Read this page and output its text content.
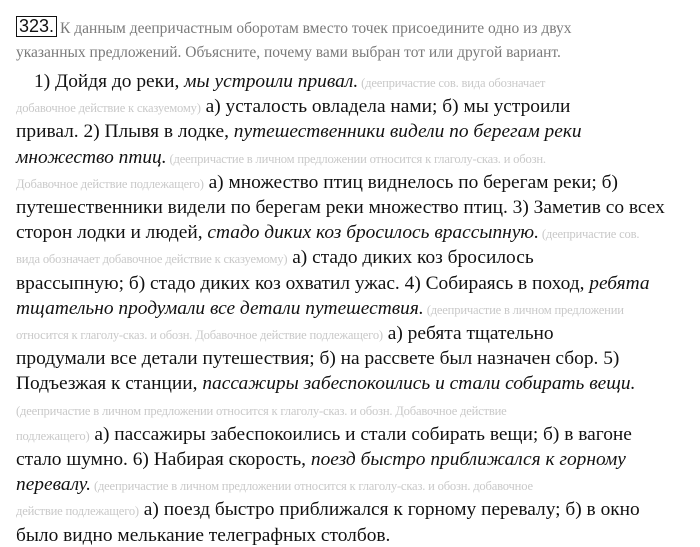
323. К данным деепричастным оборотам вместо точек присоедините одно из двух
указанных предложений. Объясните, почему вами выбран тот или другой вариант.
1) Дойдя до реки, мы устроили привал. (деепричастие сов. вида обозначает
добавочное действие к сказуемому) а) усталость овладела нами; б) мы устроили
привал. 2) Плывя в лодке, путешественники видели по берегам реки
множество птиц. (деепричастие в личном предложении относится к глаголу-сказ. и обозн.
Добавочное действие подлежащего) а) множество птиц виднелось по берегам реки; б)
путешественники видели по берегам реки множество птиц. 3) Заметив со всех
сторон лодки и людей, стадо диких коз бросилось врассыпную. (деепричастие сов.
вида обозначает добавочное действие к сказуемому) а) стадо диких коз бросилось
врассыпную; б) стадо диких коз охватил ужас. 4) Собираясь в поход, ребята
тщательно продумали все детали путешествия. (деепричастие в личном предложении
относится к глаголу-сказ. и обозн. Добавочное действие подлежащего) а) ребята тщательно
продумали все детали путешествия; б) на рассвете был назначен сбор. 5)
Подъезжая к станции, пассажиры забеспокоились и стали собирать вещи.
(деепричастие в личном предложении относится к глаголу-сказ. и обозн. Добавочное действие
подлежащего) а) пассажиры забеспокоились и стали собирать вещи; б) в вагоне
стало шумно. 6) Набирая скорость, поезд быстро приближался к горному
перевалу. (деепричастие в личном предложении относится к глаголу-сказ. и обозн. добавочное
действие подлежащего) а) поезд быстро приближался к горному перевалу; б) в окно
было видно мелькание телеграфных столбов.
